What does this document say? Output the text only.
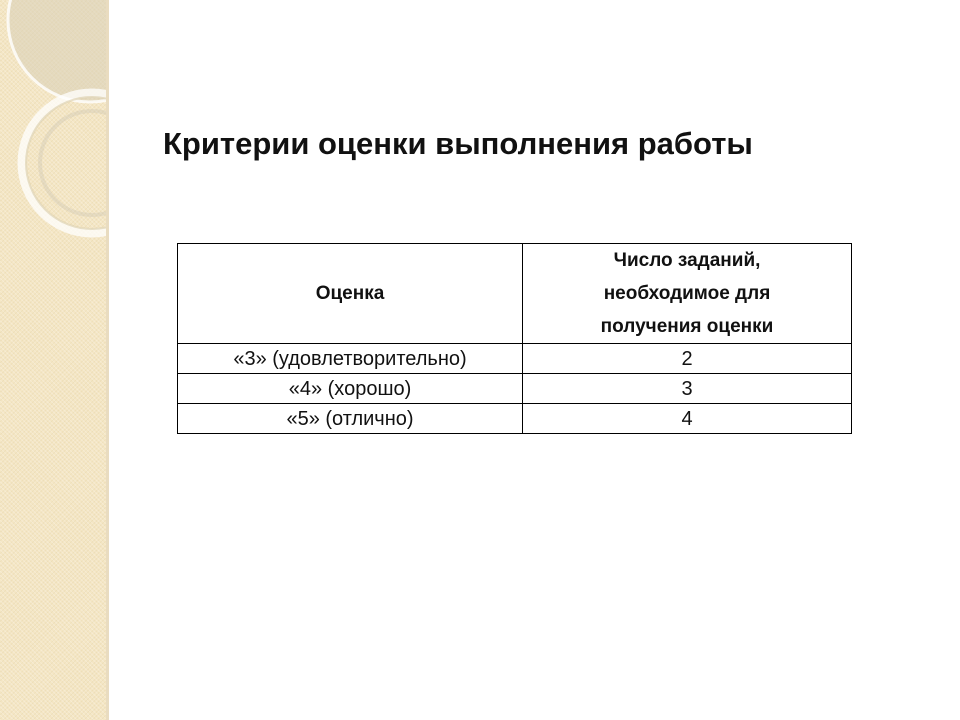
Критерии оценки выполнения работы
Оценка	Число заданий, необходимое для получения оценки
«3» (удовлетворительно)	2
«4» (хорошо)	3
«5» (отлично)	4
